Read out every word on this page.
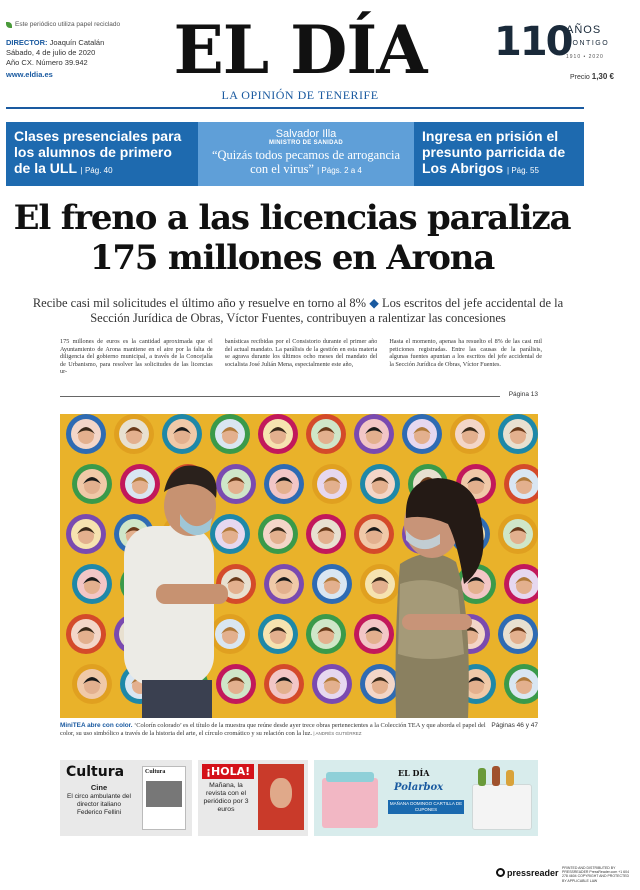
Este periódico utiliza papel reciclado
DIRECTOR: Joaquín Catalán
Sábado, 4 de julio de 2020
Año CX. Número 39.942
www.eldia.es	EL DÍA
LA OPINIÓN DE TENERIFE
110
AÑOS
CONTIGO
1910 • 2020
Precio 1,30 €
Clases presenciales para los alumnos de primero de la ULL | Pág. 40
Salvador Illa
MINISTRO DE SANIDAD
“Quizás todos pecamos de arrogancia con el virus” | Págs. 2 a 4
Ingresa en prisión el presunto parricida de Los Abrigos | Pág. 55
El freno a las licencias paraliza
175 millones en Arona
Recibe casi mil solicitudes el último año y resuelve en torno al 8% ◆ Los escritos del jefe accidental de la Sección Jurídica de Obras, Víctor Fuentes, contribuyen a ralentizar las concesiones
175 millones de euros es la cantidad aproximada que el Ayuntamiento de Arona mantiene en el aire por la falta de diligencia del gobierno municipal, a través de la Concejalía de Urbanismo, para resolver las solicitudes de las licencias ur-
banísticas recibidas por el Consistorio durante el primer año del actual mandato. La parálisis de la gestión en esta materia se agrava durante los últimos ocho meses del mandato del socialista José Julián Mena, especialmente este año,
Hasta el momento, apenas ha resuelto el 8% de las casi mil peticiones registradas. Entre las causas de la parálisis, algunas fuentes apuntan a los escritos del jefe accidental de la Sección Jurídica de Obras, Víctor Fuentes.
Página 13
Páginas 46 y 47
MiniTEA abre con color. ‘Colorín colorado’ es el título de la muestra que reúne desde ayer trece obras pertenecientes a la Colección TEA y que aborda el papel del color, su uso simbólico a través de la historia del arte, el círculo cromático y su relación con la luz. | ANDRÉS GUTIÉRREZ
Cultura
Cine
El circo ambulante del director italiano Federico Fellini
Cultura	¡HOLA!
Mañana, la revista con el periódico por 3 euros
EL DÍA
Polarbox
MAÑANA DOMINGO CARTILLA DE CUPONES
pressreader PRINTED AND DISTRIBUTED BY PRESSREADER PressReader.com +1 604 278 4604 COPYRIGHT AND PROTECTED BY APPLICABLE LAW
